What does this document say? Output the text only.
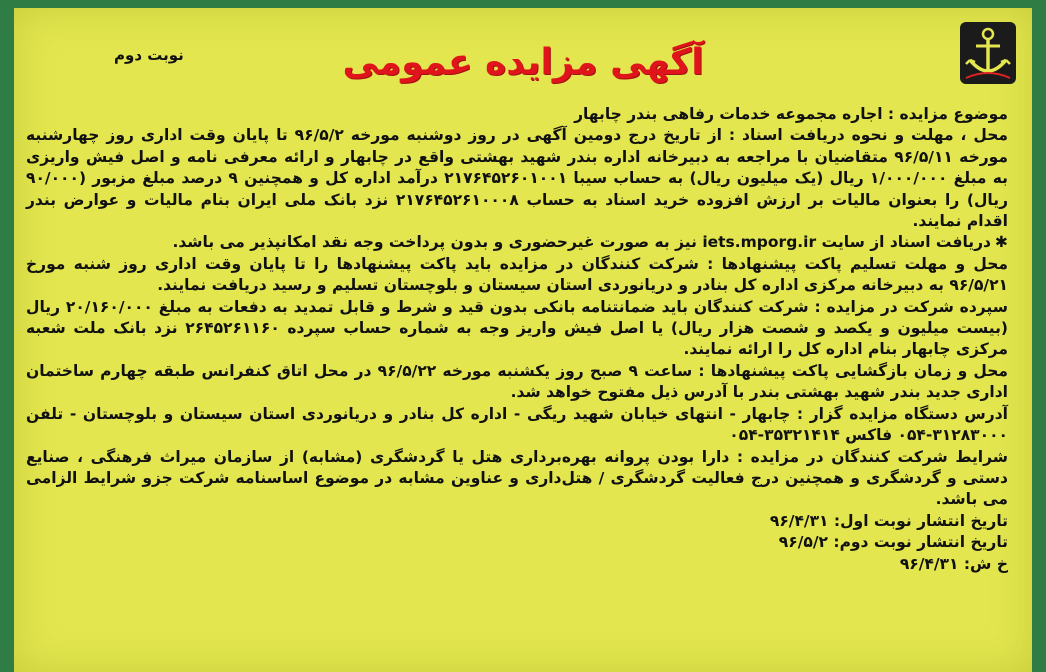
آگهی مزایده عمومی
نوبت دوم

موضوع مزایده : اجاره مجموعه خدمات رفاهی بندر چابهار

محل ، مهلت و نحوه دریافت اسناد : از تاریخ درج دومین آگهی در روز دوشنبه مورخه ۹۶/۵/۲ تا پایان وقت اداری روز چهارشنبه مورخه ۹۶/۵/۱۱ متقاضیان با مراجعه به دبیرخانه اداره بندر شهید بهشتی واقع در چابهار و ارائه معرفی نامه و اصل فیش واریزی به مبلغ ۱/۰۰۰/۰۰۰ ریال (یک میلیون ریال) به حساب سیبا ۲۱۷۶۴۵۲۶۰۱۰۰۱ درآمد اداره کل و همچنین ۹ درصد مبلغ مزبور (۹۰/۰۰۰ ریال) را بعنوان مالیات بر ارزش افزوده خرید اسناد به حساب ۲۱۷۶۴۵۲۶۱۰۰۰۸ نزد بانک ملی ایران بنام مالیات و عوارض بندر اقدام نمایند.

✱دریافت اسناد از سایت iets.mporg.ir نیز به صورت غیرحضوری و بدون پرداخت وجه نقد امکانپذیر می باشد.

محل و مهلت تسلیم پاکت پیشنهادها : شرکت کنندگان در مزایده باید پاکت پیشنهادها را تا پایان وقت اداری روز شنبه مورخ ۹۶/۵/۲۱ به دبیرخانه مرکزی اداره کل بنادر و دریانوردی استان سیستان و بلوچستان تسلیم و رسید دریافت نمایند.

سپرده شرکت در مزایده : شرکت کنندگان باید ضمانتنامه بانکی بدون قید و شرط و قابل تمدید به دفعات به مبلغ ۲۰/۱۶۰/۰۰۰ ریال (بیست میلیون و یکصد و شصت هزار ریال) یا اصل فیش واریز وجه به شماره حساب سپرده ۲۶۴۵۲۶۱۱۶۰ نزد بانک ملت شعبه مرکزی چابهار بنام اداره کل را ارائه نمایند.

محل و زمان بازگشایی پاکت پیشنهادها : ساعت ۹ صبح روز یکشنبه مورخه ۹۶/۵/۲۲ در محل اتاق کنفرانس طبقه چهارم ساختمان اداری جدید بندر شهید بهشتی بندر با آدرس ذیل مفتوح خواهد شد.

آدرس دستگاه مزایده گزار : چابهار - انتهای خیابان شهید ریگی - اداره کل بنادر و دریانوردی استان سیستان و بلوچستان - تلفن ۳۱۲۸۳۰۰۰-۰۵۴ فاکس ۳۵۳۲۱۴۱۴-۰۵۴

شرایط شرکت کنندگان در مزایده : دارا بودن پروانه بهره‌برداری هتل یا گردشگری (مشابه) از سازمان میراث فرهنگی ، صنایع دستی و گردشگری و همچنین درج فعالیت گردشگری / هتل‌داری و عناوین مشابه در موضوع اساسنامه شرکت جزو شرایط الزامی می باشد.

تاریخ انتشار نوبت اول: ۹۶/۴/۳۱

تاریخ انتشار نوبت دوم: ۹۶/۵/۲

خ ش: ۹۶/۴/۳۱
